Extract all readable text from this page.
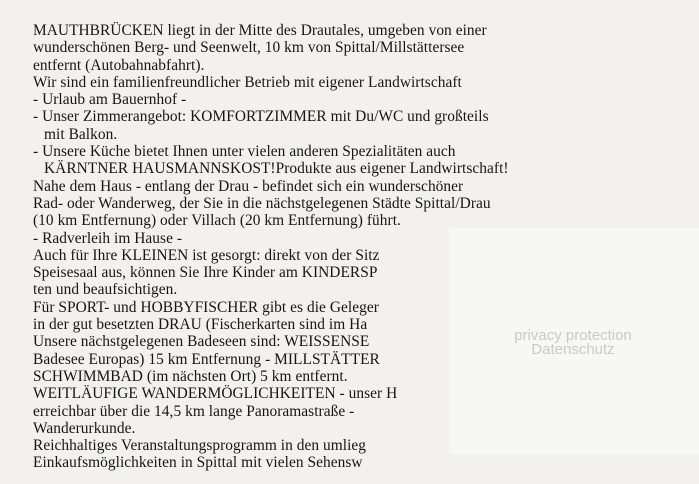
MAUTHBRÜCKEN liegt in der Mitte des Drautales, umgeben von einer
wunderschönen Berg- und Seenwelt, 10 km von Spittal/Millstättersee
entfernt (Autobahnabfahrt).
Wir sind ein familienfreundlicher Betrieb mit eigener Landwirtschaft
- Urlaub am Bauernhof -
- Unser Zimmerangebot: KOMFORTZIMMER mit Du/WC und großteils
mit Balkon.
- Unsere Küche bietet Ihnen unter vielen anderen Spezialitäten auch
KÄRNTNER HAUSMANNSKOST!Produkte aus eigener Landwirtschaft!
Nahe dem Haus - entlang der Drau - befindet sich ein wunderschöner
Rad- oder Wanderweg, der Sie in die nächstgelegenen Städte Spittal/Drau
(10 km Entfernung) oder Villach (20 km Entfernung) führt.
- Radverleih im Hause -
Auch für Ihre KLEINEN ist gesorgt: direkt von der Sitz
Speisesaal aus, können Sie Ihre Kinder am KINDERSP
ten und beaufsichtigen.
Für SPORT- und HOBBYFISCHER gibt es die Geleger
in der gut besetzten DRAU (Fischerkarten sind im Ha
Unsere nächstgelegenen Badeseen sind: WEISSENSE
Badesee Europas) 15 km Entfernung - MILLSTÄTTER
SCHWIMMBAD (im nächsten Ort) 5 km entfernt.
WEITLÄUFIGE WANDERMÖGLICHKEITEN - unser H
erreichbar über die 14,5 km lange Panoramastraße -
Wanderurkunde.
Reichhaltiges Veranstaltungsprogramm in den umlieg
Einkaufsmöglichkeiten in Spittal mit vielen Sehensw
privacy protection
Datenschutz
